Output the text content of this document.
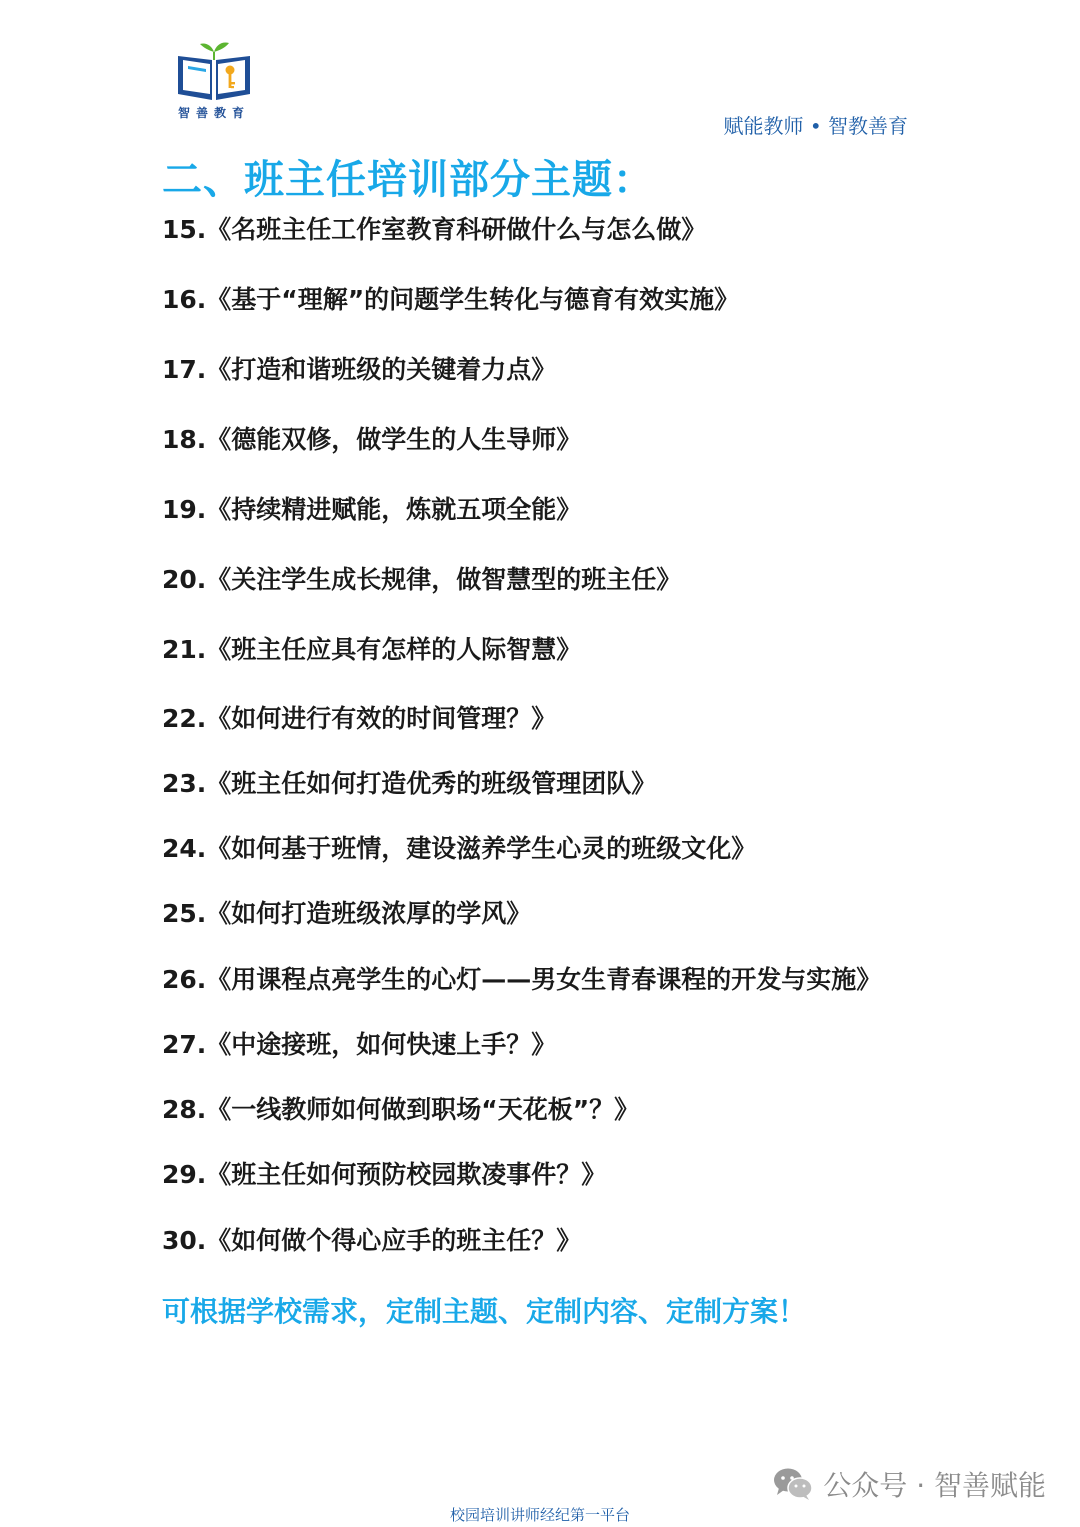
智善教育
赋能教师 • 智教善育
二、班主任培训部分主题：
15.《名班主任工作室教育科研做什么与怎么做》
16.《基于“理解”的问题学生转化与德育有效实施》
17.《打造和谐班级的关键着力点》
18.《德能双修，做学生的人生导师》
19.《持续精进赋能，炼就五项全能》
20.《关注学生成长规律，做智慧型的班主任》
21.《班主任应具有怎样的人际智慧》
22.《如何进行有效的时间管理？》
23.《班主任如何打造优秀的班级管理团队》
24.《如何基于班情，建设滋养学生心灵的班级文化》
25.《如何打造班级浓厚的学风》
26.《用课程点亮学生的心灯——男女生青春课程的开发与实施》
27.《中途接班，如何快速上手？》
28.《一线教师如何做到职场“天花板”？》
29.《班主任如何预防校园欺凌事件？》
30.《如何做个得心应手的班主任？》
可根据学校需求，定制主题、定制内容、定制方案！
公众号 · 智善赋能
校园培训讲师经纪第一平台
